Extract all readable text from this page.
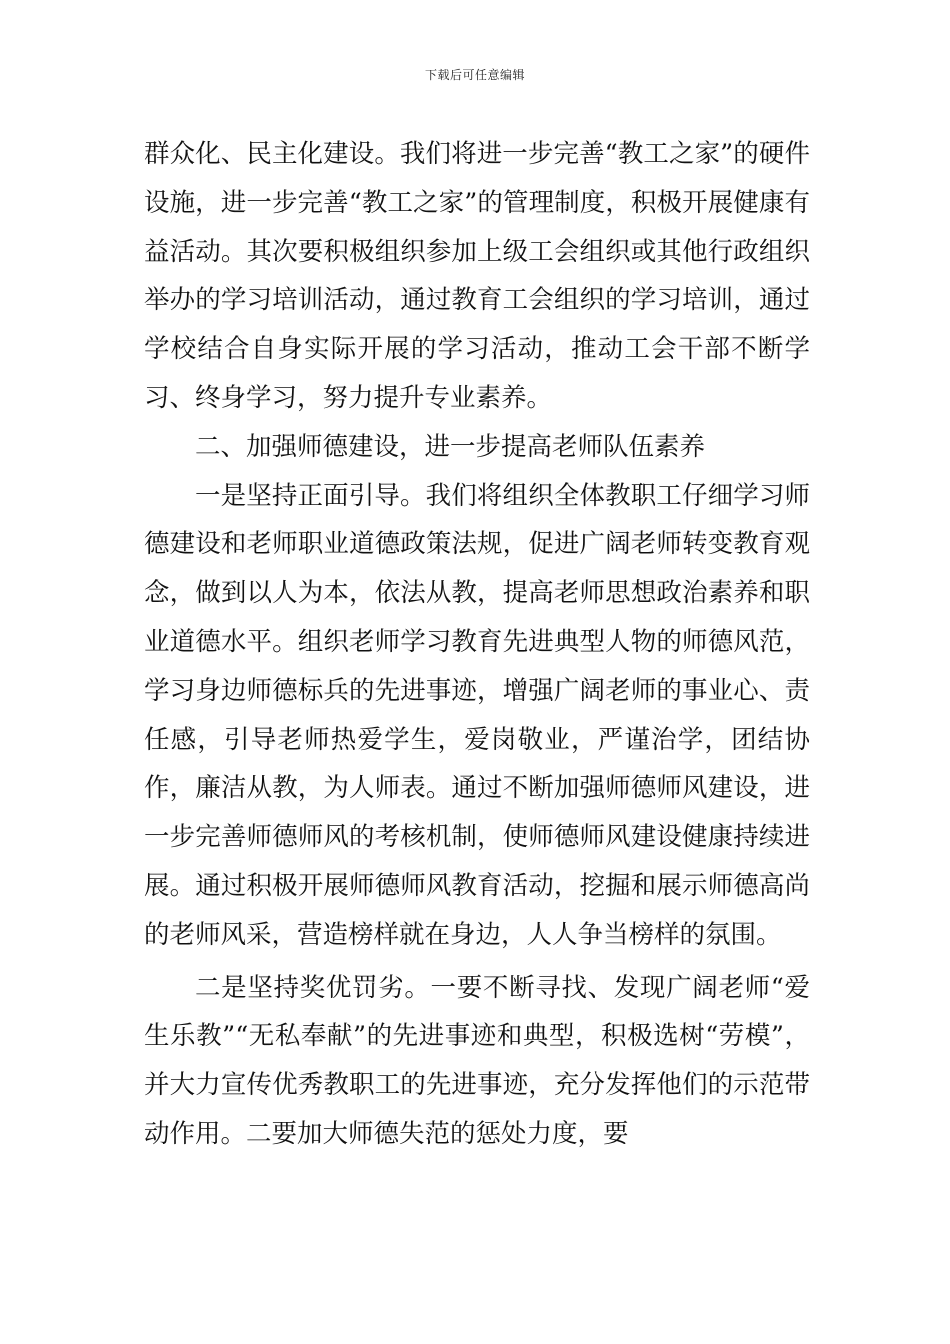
下载后可任意编辑

群众化、民主化建设。我们将进一步完善“教工之家”的硬件设施，进一步完善“教工之家”的管理制度，积极开展健康有益活动。其次要积极组织参加上级工会组织或其他行政组织举办的学习培训活动，通过教育工会组织的学习培训，通过学校结合自身实际开展的学习活动，推动工会干部不断学习、终身学习，努力提升专业素养。

二、加强师德建设，进一步提高老师队伍素养

一是坚持正面引导。我们将组织全体教职工仔细学习师德建设和老师职业道德政策法规，促进广阔老师转变教育观念，做到以人为本，依法从教，提高老师思想政治素养和职业道德水平。组织老师学习教育先进典型人物的师德风范，学习身边师德标兵的先进事迹，增强广阔老师的事业心、责任感，引导老师热爱学生，爱岗敬业，严谨治学，团结协作，廉洁从教，为人师表。通过不断加强师德师风建设，进一步完善师德师风的考核机制，使师德师风建设健康持续进展。通过积极开展师德师风教育活动，挖掘和展示师德高尚的老师风采，营造榜样就在身边，人人争当榜样的氛围。

二是坚持奖优罚劣。一要不断寻找、发现广阔老师“爱生乐教”“无私奉献”的先进事迹和典型，积极选树“劳模”，并大力宣传优秀教职工的先进事迹，充分发挥他们的示范带动作用。二要加大师德失范的惩处力度，要
